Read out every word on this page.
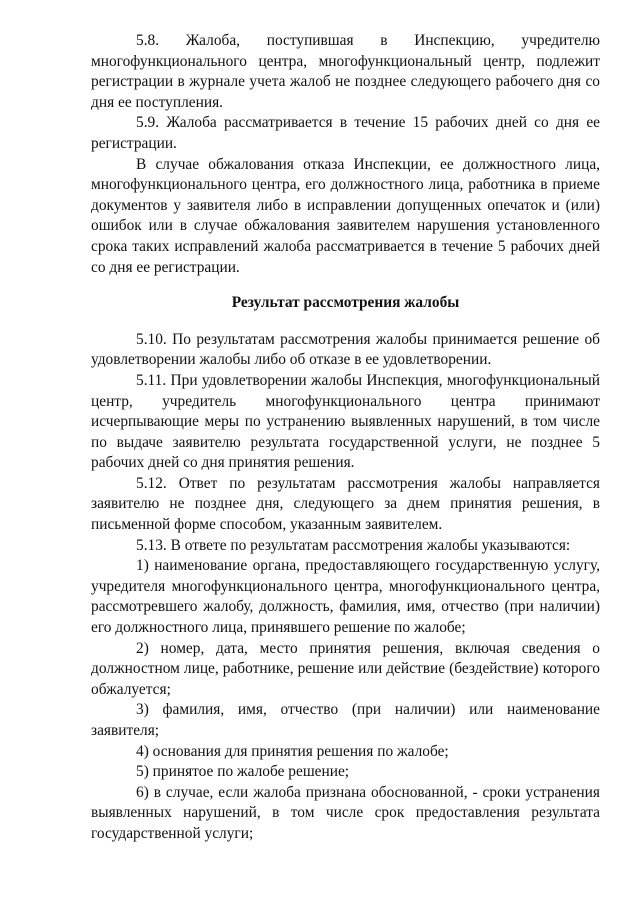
5.8. Жалоба, поступившая в Инспекцию, учредителю многофункционального центра, многофункциональный центр, подлежит регистрации в журнале учета жалоб не позднее следующего рабочего дня со дня ее поступления.

5.9. Жалоба рассматривается в течение 15 рабочих дней со дня ее регистрации.

В случае обжалования отказа Инспекции, ее должностного лица, многофункционального центра, его должностного лица, работника в приеме документов у заявителя либо в исправлении допущенных опечаток и (или) ошибок или в случае обжалования заявителем нарушения установленного срока таких исправлений жалоба рассматривается в течение 5 рабочих дней со дня ее регистрации.

Результат рассмотрения жалобы

5.10. По результатам рассмотрения жалобы принимается решение об удовлетворении жалобы либо об отказе в ее удовлетворении.

5.11. При удовлетворении жалобы Инспекция, многофункциональный центр, учредитель многофункционального центра принимают исчерпывающие меры по устранению выявленных нарушений, в том числе по выдаче заявителю результата государственной услуги, не позднее 5 рабочих дней со дня принятия решения.

5.12. Ответ по результатам рассмотрения жалобы направляется заявителю не позднее дня, следующего за днем принятия решения, в письменной форме способом, указанным заявителем.

5.13. В ответе по результатам рассмотрения жалобы указываются:

1) наименование органа, предоставляющего государственную услугу, учредителя многофункционального центра, многофункционального центра, рассмотревшего жалобу, должность, фамилия, имя, отчество (при наличии) его должностного лица, принявшего решение по жалобе;

2) номер, дата, место принятия решения, включая сведения о должностном лице, работнике, решение или действие (бездействие) которого обжалуется;

3) фамилия, имя, отчество (при наличии) или наименование заявителя;

4) основания для принятия решения по жалобе;

5) принятое по жалобе решение;

6) в случае, если жалоба признана обоснованной, - сроки устранения выявленных нарушений, в том числе срок предоставления результата государственной услуги;
